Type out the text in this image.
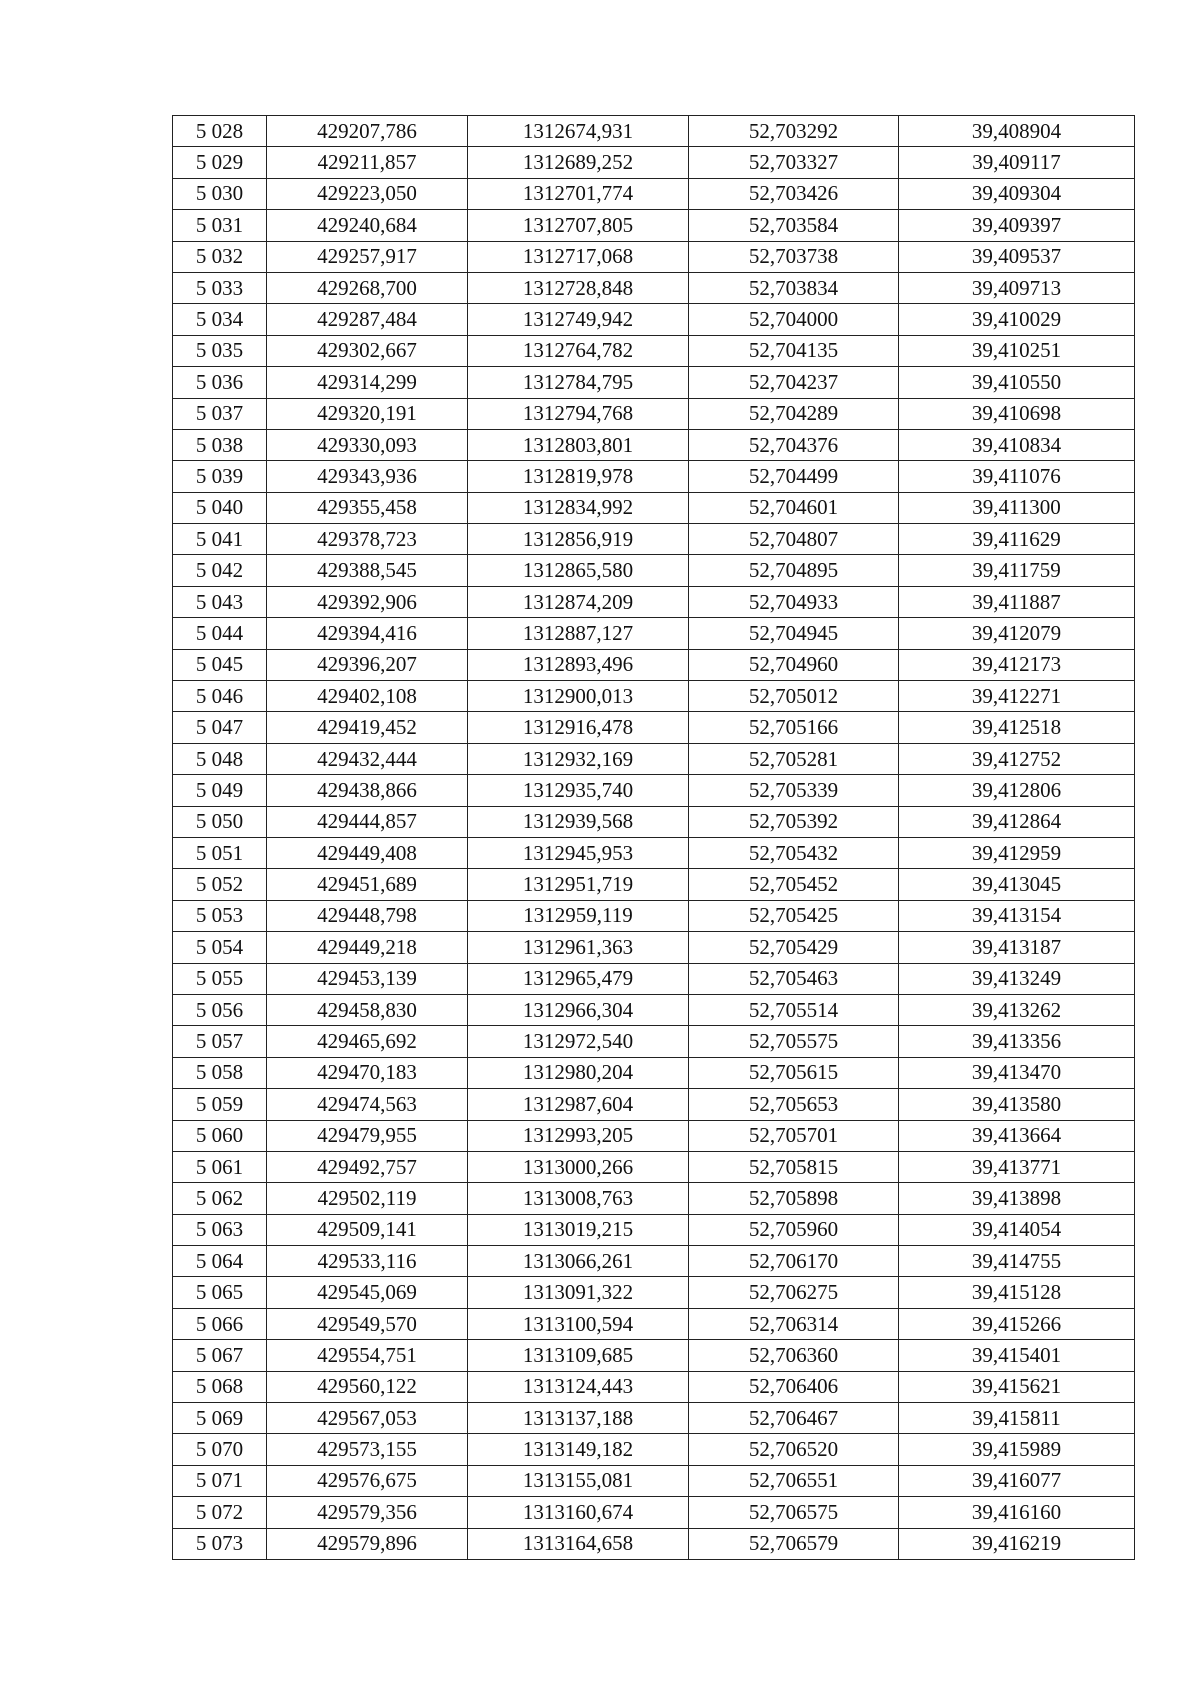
5 028	429207,786	1312674,931	52,703292	39,408904
5 029	429211,857	1312689,252	52,703327	39,409117
5 030	429223,050	1312701,774	52,703426	39,409304
5 031	429240,684	1312707,805	52,703584	39,409397
5 032	429257,917	1312717,068	52,703738	39,409537
5 033	429268,700	1312728,848	52,703834	39,409713
5 034	429287,484	1312749,942	52,704000	39,410029
5 035	429302,667	1312764,782	52,704135	39,410251
5 036	429314,299	1312784,795	52,704237	39,410550
5 037	429320,191	1312794,768	52,704289	39,410698
5 038	429330,093	1312803,801	52,704376	39,410834
5 039	429343,936	1312819,978	52,704499	39,411076
5 040	429355,458	1312834,992	52,704601	39,411300
5 041	429378,723	1312856,919	52,704807	39,411629
5 042	429388,545	1312865,580	52,704895	39,411759
5 043	429392,906	1312874,209	52,704933	39,411887
5 044	429394,416	1312887,127	52,704945	39,412079
5 045	429396,207	1312893,496	52,704960	39,412173
5 046	429402,108	1312900,013	52,705012	39,412271
5 047	429419,452	1312916,478	52,705166	39,412518
5 048	429432,444	1312932,169	52,705281	39,412752
5 049	429438,866	1312935,740	52,705339	39,412806
5 050	429444,857	1312939,568	52,705392	39,412864
5 051	429449,408	1312945,953	52,705432	39,412959
5 052	429451,689	1312951,719	52,705452	39,413045
5 053	429448,798	1312959,119	52,705425	39,413154
5 054	429449,218	1312961,363	52,705429	39,413187
5 055	429453,139	1312965,479	52,705463	39,413249
5 056	429458,830	1312966,304	52,705514	39,413262
5 057	429465,692	1312972,540	52,705575	39,413356
5 058	429470,183	1312980,204	52,705615	39,413470
5 059	429474,563	1312987,604	52,705653	39,413580
5 060	429479,955	1312993,205	52,705701	39,413664
5 061	429492,757	1313000,266	52,705815	39,413771
5 062	429502,119	1313008,763	52,705898	39,413898
5 063	429509,141	1313019,215	52,705960	39,414054
5 064	429533,116	1313066,261	52,706170	39,414755
5 065	429545,069	1313091,322	52,706275	39,415128
5 066	429549,570	1313100,594	52,706314	39,415266
5 067	429554,751	1313109,685	52,706360	39,415401
5 068	429560,122	1313124,443	52,706406	39,415621
5 069	429567,053	1313137,188	52,706467	39,415811
5 070	429573,155	1313149,182	52,706520	39,415989
5 071	429576,675	1313155,081	52,706551	39,416077
5 072	429579,356	1313160,674	52,706575	39,416160
5 073	429579,896	1313164,658	52,706579	39,416219
